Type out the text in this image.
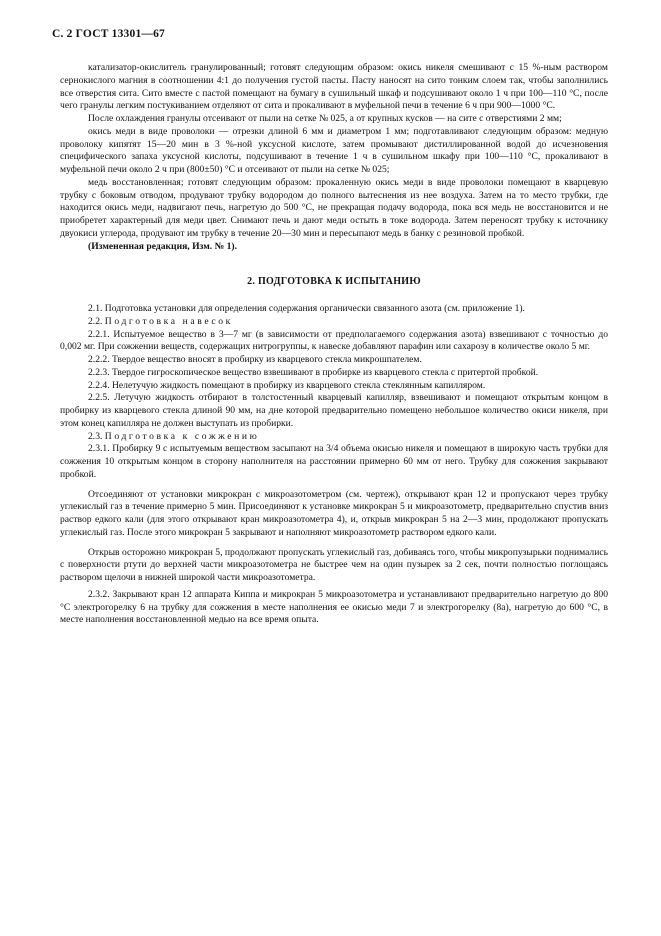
С. 2 ГОСТ 13301—67

катализатор-окислитель гранулированный; готовят следующим образом: окись никеля смешивают с 15 %-ным раствором сернокислого магния в соотношении 4:1 до получения густой пасты. Пасту наносят на сито тонким слоем так, чтобы заполнились все отверстия сита. Сито вместе с пастой помещают на бумагу в сушильный шкаф и подсушивают около 1 ч при 100—110 °С, после чего гранулы легким постукиванием отделяют от сита и прокаливают в муфельной печи в течение 6 ч при 900—1000 °С.

После охлаждения гранулы отсеивают от пыли на сетке № 025, а от крупных кусков — на сите с отверстиями 2 мм;

окись меди в виде проволоки — отрезки длиной 6 мм и диаметром 1 мм; подготавливают следующим образом: медную проволоку кипятят 15—20 мин в 3 %-ной уксусной кислоте, затем промывают дистиллированной водой до исчезновения специфического запаха уксусной кислоты, подсушивают в течение 1 ч в сушильном шкафу при 100—110 °С, прокаливают в муфельной печи около 2 ч при (800±50) °С и отсеивают от пыли на сетке № 025;

медь восстановленная; готовят следующим образом: прокаленную окись меди в виде проволоки помещают в кварцевую трубку с боковым отводом, продувают трубку водородом до полного вытеснения из нее воздуха. Затем на то место трубки, где находится окись меди, надвигают печь, нагретую до 500 °С, не прекращая подачу водорода, пока вся медь не восстановится и не приобретет характерный для меди цвет. Снимают печь и дают меди остыть в токе водорода. Затем переносят трубку к источнику двуокиси углерода, продувают им трубку в течение 20—30 мин и пересыпают медь в банку с резиновой пробкой.

(Измененная редакция, Изм. № 1).

2. ПОДГОТОВКА К ИСПЫТАНИЮ

2.1. Подготовка установки для определения содержания органически связанного азота (см. приложение 1).

2.2. Подготовка навесок

2.2.1. Испытуемое вещество в 3—7 мг (в зависимости от предполагаемого содержания азота) взвешивают с точностью до 0,002 мг. При сожжении веществ, содержащих нитрогруппы, к навеске добавляют парафин или сахарозу в количестве около 5 мг.

2.2.2. Твердое вещество вносят в пробирку из кварцевого стекла микрошпателем.

2.2.3. Твердое гигроскопическое вещество взвешивают в пробирке из кварцевого стекла с притертой пробкой.

2.2.4. Нелетучую жидкость помещают в пробирку из кварцевого стекла стеклянным капилляром.

2.2.5. Летучую жидкость отбирают в толстостенный кварцевый капилляр, взвешивают и помещают открытым концом в пробирку из кварцевого стекла длиной 90 мм, на дне которой предварительно помещено небольшое количество окиси никеля, при этом конец капилляра не должен выступать из пробирки.

2.3. Подготовка к сожжению

2.3.1. Пробирку 9 с испытуемым веществом засыпают на 3/4 объема окисью никеля и помещают в широкую часть трубки для сожжения 10 открытым концом в сторону наполнителя на расстоянии примерно 60 мм от него. Трубку для сожжения закрывают пробкой.

Отсоединяют от установки микрокран с микроазотометром (см. чертеж), открывают кран 12 и пропускают через трубку углекислый газ в течение примерно 5 мин. Присоединяют к установке микрокран 5 и микроазотометр, предварительно спустив вниз раствор едкого кали (для этого открывают кран микроазотометра 4), и, открыв микрокран 5 на 2—3 мин, продолжают пропускать углекислый газ. После этого микрокран 5 закрывают и наполняют микроазотометр раствором едкого кали.

Открыв осторожно микрокран 5, продолжают пропускать углекислый газ, добиваясь того, чтобы микропузырьки поднимались с поверхности ртути до верхней части микроазотометра не быстрее чем на один пузырек за 2 сек, почти полностью поглощаясь раствором щелочи в нижней широкой части микроазотометра.

2.3.2. Закрывают кран 12 аппарата Киппа и микрокран 5 микроазотометра и устанавливают предварительно нагретую до 800 °С электрогорелку 6 на трубку для сожжения в месте наполнения ее окисью меди 7 и электрогорелку (8а), нагретую до 600 °С, в месте наполнения восстановленной медью на все время опыта.
